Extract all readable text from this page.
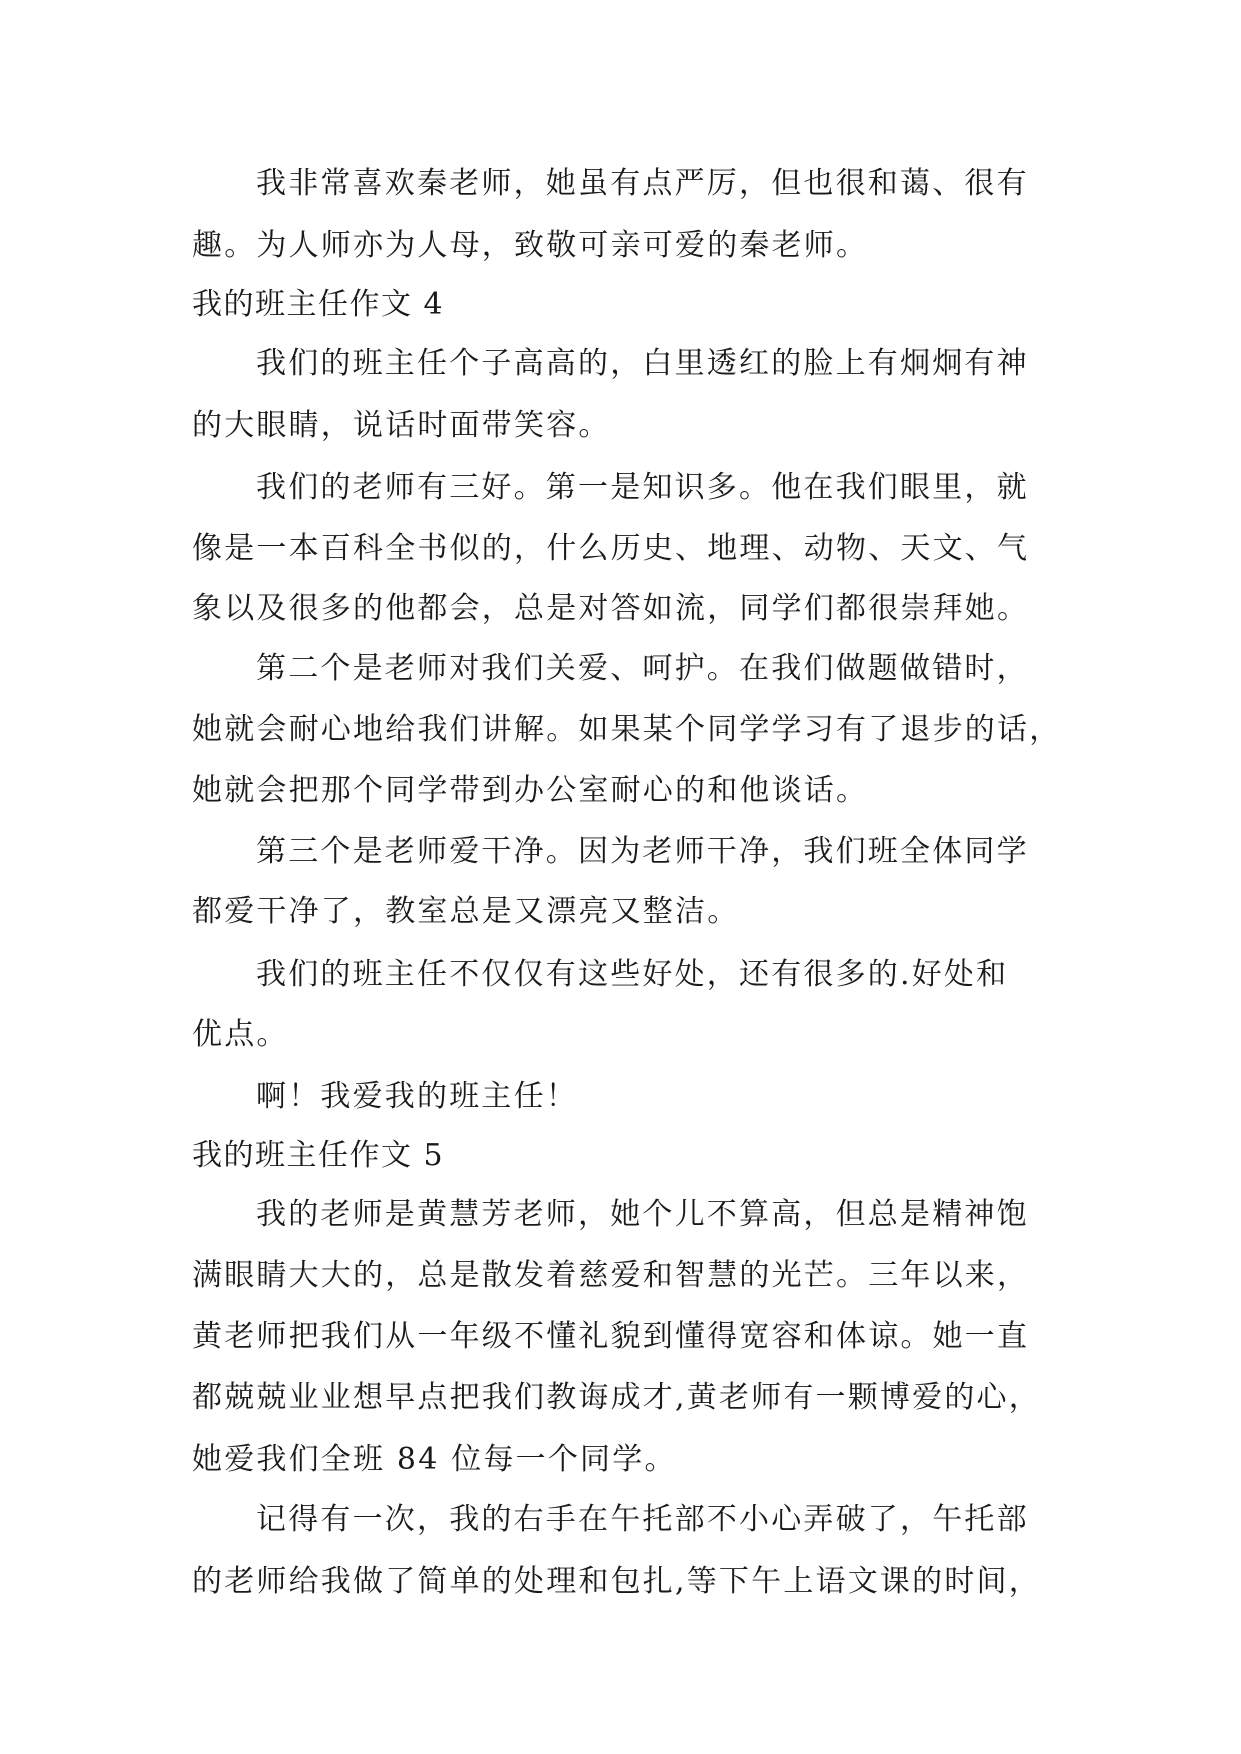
我非常喜欢秦老师，她虽有点严厉，但也很和蔼、很有
趣。为人师亦为人母，致敬可亲可爱的秦老师。
我的班主任作文 4
我们的班主任个子高高的，白里透红的脸上有炯炯有神
的大眼睛，说话时面带笑容。
我们的老师有三好。第一是知识多。他在我们眼里，就
像是一本百科全书似的，什么历史、地理、动物、天文、气
象以及很多的他都会，总是对答如流，同学们都很崇拜她。
第二个是老师对我们关爱、呵护。在我们做题做错时，
她就会耐心地给我们讲解。如果某个同学学习有了退步的话，
她就会把那个同学带到办公室耐心的和他谈话。
第三个是老师爱干净。因为老师干净，我们班全体同学
都爱干净了，教室总是又漂亮又整洁。
我们的班主任不仅仅有这些好处，还有很多的.好处和
优点。
啊！我爱我的班主任！
我的班主任作文 5
我的老师是黄慧芳老师，她个儿不算高，但总是精神饱
满眼睛大大的，总是散发着慈爱和智慧的光芒。三年以来，
黄老师把我们从一年级不懂礼貌到懂得宽容和体谅。她一直
都兢兢业业想早点把我们教诲成才,黄老师有一颗博爱的心，
她爱我们全班 84 位每一个同学。
记得有一次，我的右手在午托部不小心弄破了，午托部
的老师给我做了简单的处理和包扎,等下午上语文课的时间，
